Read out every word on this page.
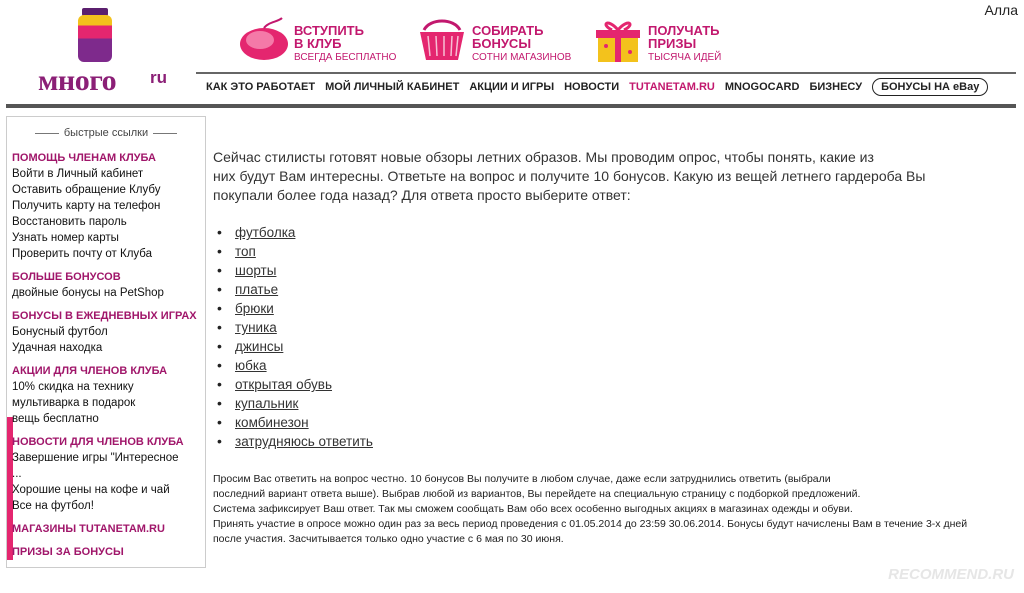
Алла
много ru
ВСТУПИТЬ
В КЛУБ
ВСЕГДА БЕСПЛАТНО
СОБИРАТЬ
БОНУСЫ
СОТНИ МАГАЗИНОВ
ПОЛУЧАТЬ
ПРИЗЫ
ТЫСЯЧА ИДЕЙ
КАК ЭТО РАБОТАЕТ МОЙ ЛИЧНЫЙ КАБИНЕТ АКЦИИ И ИГРЫ НОВОСТИ TUTANETAM.RU MNOGOCARD БИЗНЕСУ	БОНУСЫ НА eBay
быстрые ссылки
ПОМОЩЬ ЧЛЕНАМ КЛУБА
Войти в Личный кабинет
Оставить обращение Клубу
Получить карту на телефон
Восстановить пароль
Узнать номер карты
Проверить почту от Клуба
БОЛЬШЕ БОНУСОВ
двойные бонусы на PetShop
БОНУСЫ В ЕЖЕДНЕВНЫХ ИГРАХ
Бонусный футбол
Удачная находка
АКЦИИ ДЛЯ ЧЛЕНОВ КЛУБА
10% скидка на технику
мультиварка в подарок
вещь бесплатно
НОВОСТИ ДЛЯ ЧЛЕНОВ КЛУБА
Завершение игры "Интересное
...
Хорошие цены на кофе и чай
Все на футбол!
МАГАЗИНЫ TUTANETAM.RU
ПРИЗЫ ЗА БОНУСЫ
Сейчас стилисты готовят новые обзоры летних образов. Мы проводим опрос, чтобы понять, какие из
них будут Вам интересны. Ответьте на вопрос и получите 10 бонусов. Какую из вещей летнего гардероба Вы
покупали более года назад? Для ответа просто выберите ответ:
• футболка
• топ
• шорты
• платье
• брюки
• туника
• джинсы
• юбка
• открытая обувь
• купальник
• комбинезон
• затрудняюсь ответить
Просим Вас ответить на вопрос честно. 10 бонусов Вы получите в любом случае, даже если затруднились ответить (выбрали
последний вариант ответа выше). Выбрав любой из вариантов, Вы перейдете на специальную страницу с подборкой предложений.
Система зафиксирует Ваш ответ. Так мы сможем сообщать Вам обо всех особенно выгодных акциях в магазинах одежды и обуви.
Принять участие в опросе можно один раз за весь период проведения с 01.05.2014 до 23:59 30.06.2014. Бонусы будут начислены Вам в течение 3-х дней
после участия. Засчитывается только одно участие с 6 мая по 30 июня.
RECOMMEND.RU
